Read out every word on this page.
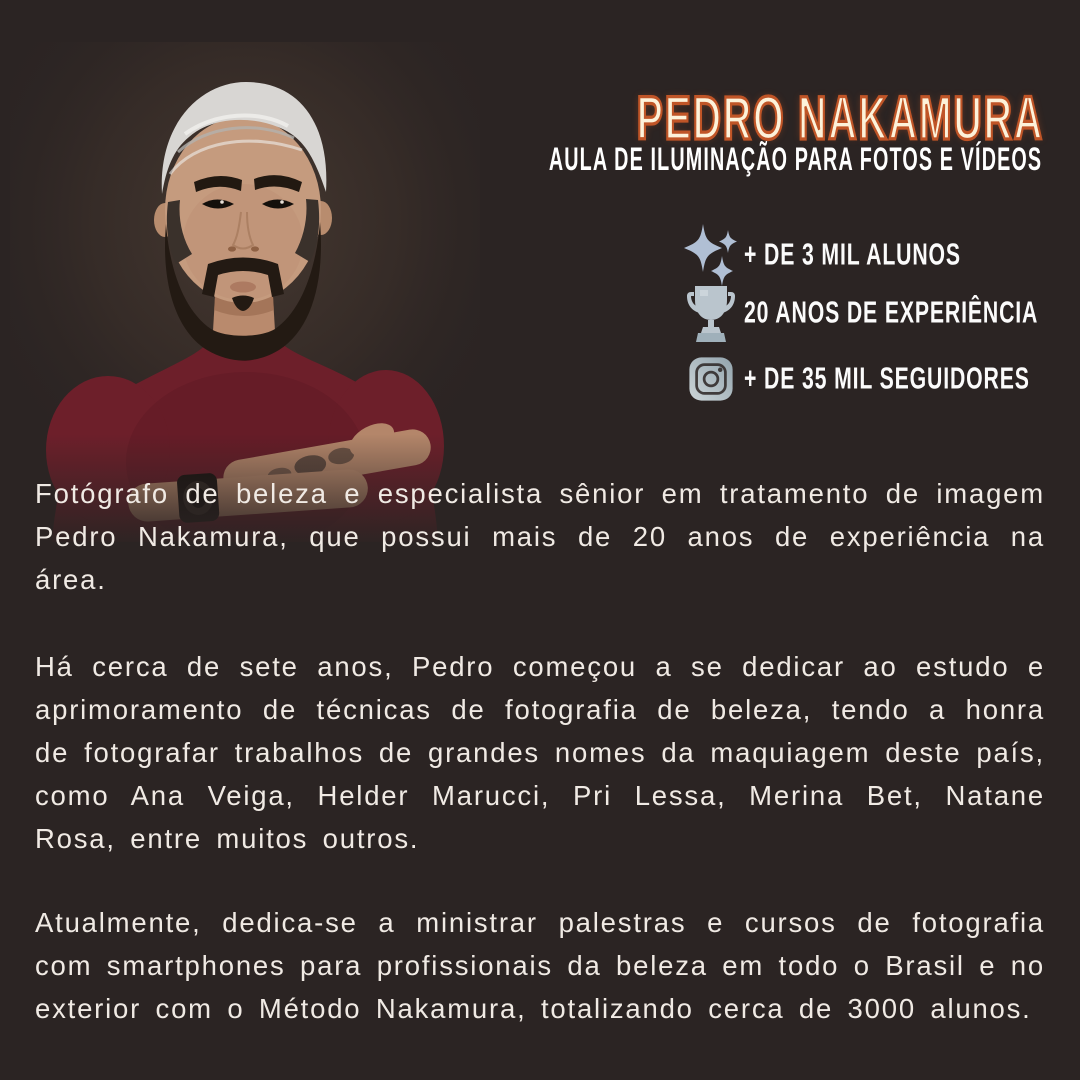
PEDRO NAKAMURA
AULA DE ILUMINAÇÃO PARA FOTOS E VÍDEOS
+ DE 3 MIL ALUNOS
20 ANOS DE EXPERIÊNCIA
+ DE 35 MIL SEGUIDORES

Fotógrafo de beleza e especialista sênior em tratamento de imagem Pedro Nakamura, que possui mais de 20 anos de experiência na área.

Há cerca de sete anos, Pedro começou a se dedicar ao estudo e aprimoramento de técnicas de fotografia de beleza, tendo a honra de fotografar trabalhos de grandes nomes da maquiagem deste país, como Ana Veiga, Helder Marucci, Pri Lessa, Merina Bet, Natane Rosa, entre muitos outros.

Atualmente, dedica-se a ministrar palestras e cursos de fotografia com smartphones para profissionais da beleza em todo o Brasil e no exterior com o Método Nakamura, totalizando cerca de 3000 alunos.
